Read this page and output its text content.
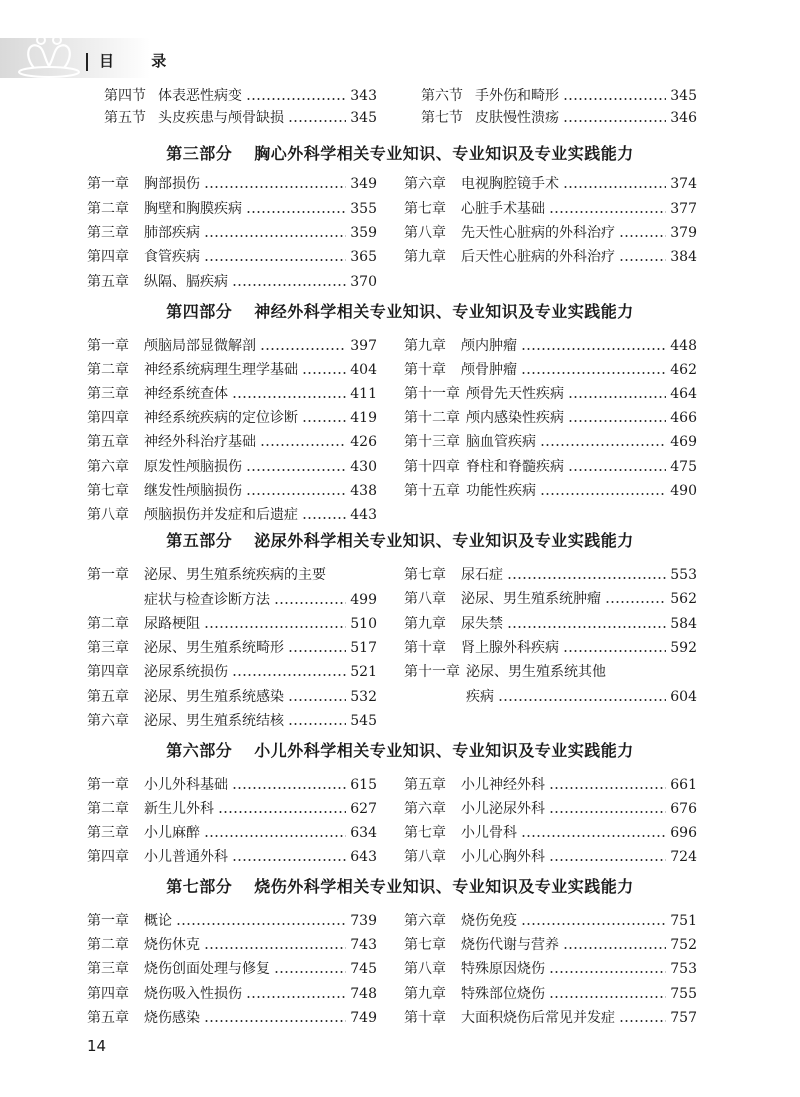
目 录
第四节 体表恶性病变	343
第五节 头皮疾患与颅骨缺损	345
第六节 手外伤和畸形	345
第七节 皮肤慢性溃疡	346
第三部分 胸心外科学相关专业知识、专业知识及专业实践能力
第一章	胸部损伤	349
第二章	胸壁和胸膜疾病	355
第三章	肺部疾病	359
第四章	食管疾病	365
第五章	纵隔、膈疾病	370
第六章	电视胸腔镜手术	374
第七章	心脏手术基础	377
第八章	先天性心脏病的外科治疗	379
第九章	后天性心脏病的外科治疗	384
第四部分 神经外科学相关专业知识、专业知识及专业实践能力
第一章	颅脑局部显微解剖	397
第二章	神经系统病理生理学基础	404
第三章	神经系统查体	411
第四章	神经系统疾病的定位诊断	419
第五章	神经外科治疗基础	426
第六章	原发性颅脑损伤	430
第七章	继发性颅脑损伤	438
第八章	颅脑损伤并发症和后遗症	443
第九章	颅内肿瘤	448
第十章	颅骨肿瘤	462
第十一章 颅骨先天性疾病	464
第十二章 颅内感染性疾病	466
第十三章 脑血管疾病	469
第十四章 脊柱和脊髓疾病	475
第十五章 功能性疾病	490
第五部分 泌尿外科学相关专业知识、专业知识及专业实践能力
第一章	泌尿、男生殖系统疾病的主要
症状与检查诊断方法	499
第二章	尿路梗阻	510
第三章	泌尿、男生殖系统畸形	517
第四章	泌尿系统损伤	521
第五章	泌尿、男生殖系统感染	532
第六章	泌尿、男生殖系统结核	545
第七章	尿石症	553
第八章	泌尿、男生殖系统肿瘤	562
第九章	尿失禁	584
第十章	肾上腺外科疾病	592
第十一章 泌尿、男生殖系统其他
疾病	604
第六部分 小儿外科学相关专业知识、专业知识及专业实践能力
第一章	小儿外科基础	615
第二章	新生儿外科	627
第三章	小儿麻醉	634
第四章	小儿普通外科	643
第五章	小儿神经外科	661
第六章	小儿泌尿外科	676
第七章	小儿骨科	696
第八章	小儿心胸外科	724
第七部分 烧伤外科学相关专业知识、专业知识及专业实践能力
第一章	概论	739
第二章	烧伤休克	743
第三章	烧伤创面处理与修复	745
第四章	烧伤吸入性损伤	748
第五章	烧伤感染	749
第六章	烧伤免疫	751
第七章	烧伤代谢与营养	752
第八章	特殊原因烧伤	753
第九章	特殊部位烧伤	755
第十章	大面积烧伤后常见并发症	757
14
